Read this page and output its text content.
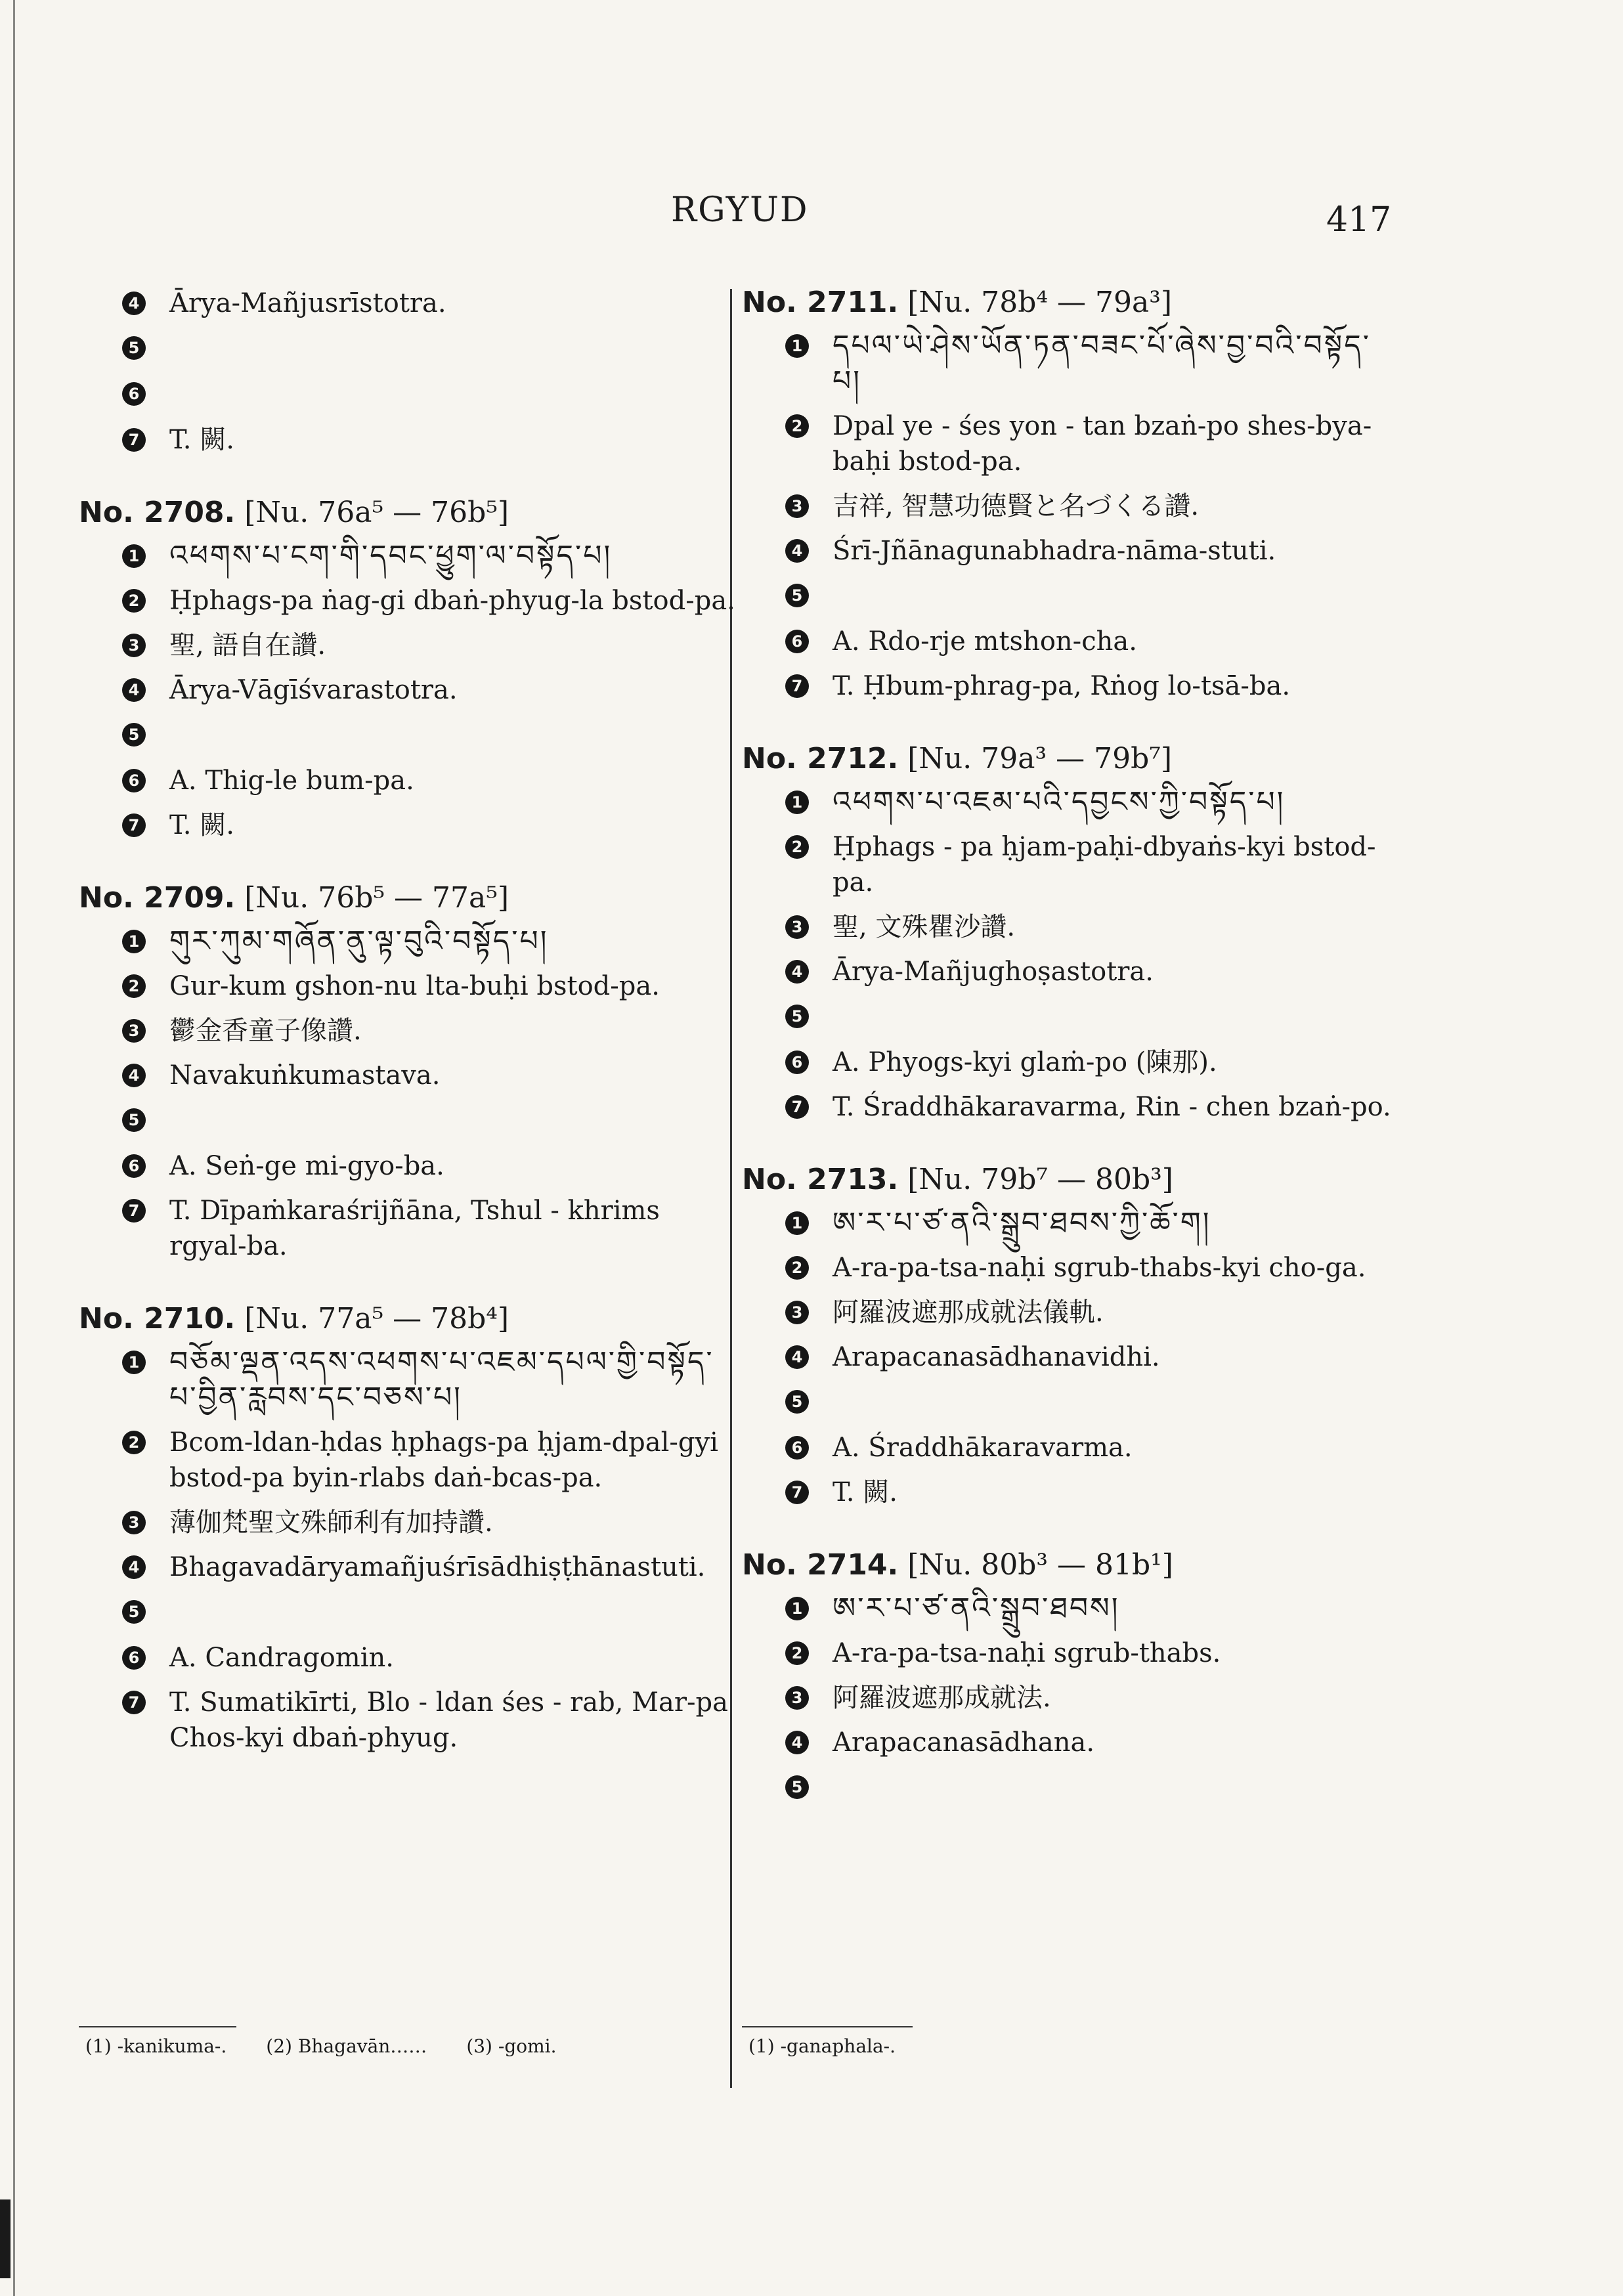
RGYUD	417
4 Ārya-Mañjusrīstotra.
5
6
7 T. 闕.
No. 2708. [Nu. 76a⁵ — 76b⁵]
1 འཕགས་པ་ངག་གི་དབང་ཕྱུག་ལ་བསྟོད་པ།
2 Ḥphags-pa ṅag-gi dbaṅ-phyug-la bstod-pa.
3 聖, 語自在讚.
4 Ārya-Vāgīśvarastotra.
5
6 A. Thig-le bum-pa.
7 T. 闕.
No. 2709. [Nu. 76b⁵ — 77a⁵]
1 གུར་ཀུམ་གཞོན་ནུ་ལྟ་བུའི་བསྟོད་པ།
2 Gur-kum gshon-nu lta-buḥi bstod-pa.
3 鬱金香童子像讚.
4 Navakuṅkumastava.
5
6 A. Seṅ-ge mi-gyo-ba.
7 T. Dīpaṁkaraśrijñāna, Tshul - khrims rgyal-ba.
No. 2710. [Nu. 77a⁵ — 78b⁴]
1 བཅོམ་ལྡན་འདས་འཕགས་པ་འཇམ་དཔལ་གྱི་བསྟོད་པ་བྱིན་རླབས་དང་བཅས་པ།
2 Bcom-ldan-ḥdas ḥphags-pa ḥjam-dpal-gyi bstod-pa byin-rlabs daṅ-bcas-pa.
3 薄伽梵聖文殊師利有加持讚.
4 Bhagavadāryamañjuśrīsādhiṣṭhānastuti.
5
6 A. Candragomin.
7 T. Sumatikīrti, Blo - ldan śes - rab, Mar-pa Chos-kyi dbaṅ-phyug.
No. 2711. [Nu. 78b⁴ — 79a³]
1 དཔལ་ཡེ་ཤེས་ཡོན་ཏན་བཟང་པོ་ཞེས་བྱ་བའི་བསྟོད་པ།
2 Dpal ye - śes yon - tan bzaṅ-po shes-bya-baḥi bstod-pa.
3 吉祥, 智慧功德賢と名づくる讚.
4 Śrī-Jñānagunabhadra-nāma-stuti.
5
6 A. Rdo-rje mtshon-cha.
7 T. Ḥbum-phrag-pa, Rṅog lo-tsā-ba.
No. 2712. [Nu. 79a³ — 79b⁷]
1 འཕགས་པ་འཇམ་པའི་དབྱངས་ཀྱི་བསྟོད་པ།
2 Ḥphags - pa ḥjam-paḥi-dbyaṅs-kyi bstod-pa.
3 聖, 文殊瞿沙讚.
4 Ārya-Mañjughoṣastotra.
5
6 A. Phyogs-kyi glaṁ-po (陳那).
7 T. Śraddhākaravarma, Rin - chen bzaṅ-po.
No. 2713. [Nu. 79b⁷ — 80b³]
1 ཨ་ར་པ་ཙ་ནའི་སྒྲུབ་ཐབས་ཀྱི་ཆོ་ག།
2 A-ra-pa-tsa-naḥi sgrub-thabs-kyi cho-ga.
3 阿羅波遮那成就法儀軌.
4 Arapacanasādhanavidhi.
5
6 A. Śraddhākaravarma.
7 T. 闕.
No. 2714. [Nu. 80b³ — 81b¹]
1 ཨ་ར་པ་ཙ་ནའི་སྒྲུབ་ཐབས།
2 A-ra-pa-tsa-naḥi sgrub-thabs.
3 阿羅波遮那成就法.
4 Arapacanasādhana.
5
(1) -kanikuma-. (2) Bhagavān…… (3) -gomi.	(1) -ganaphala-.
